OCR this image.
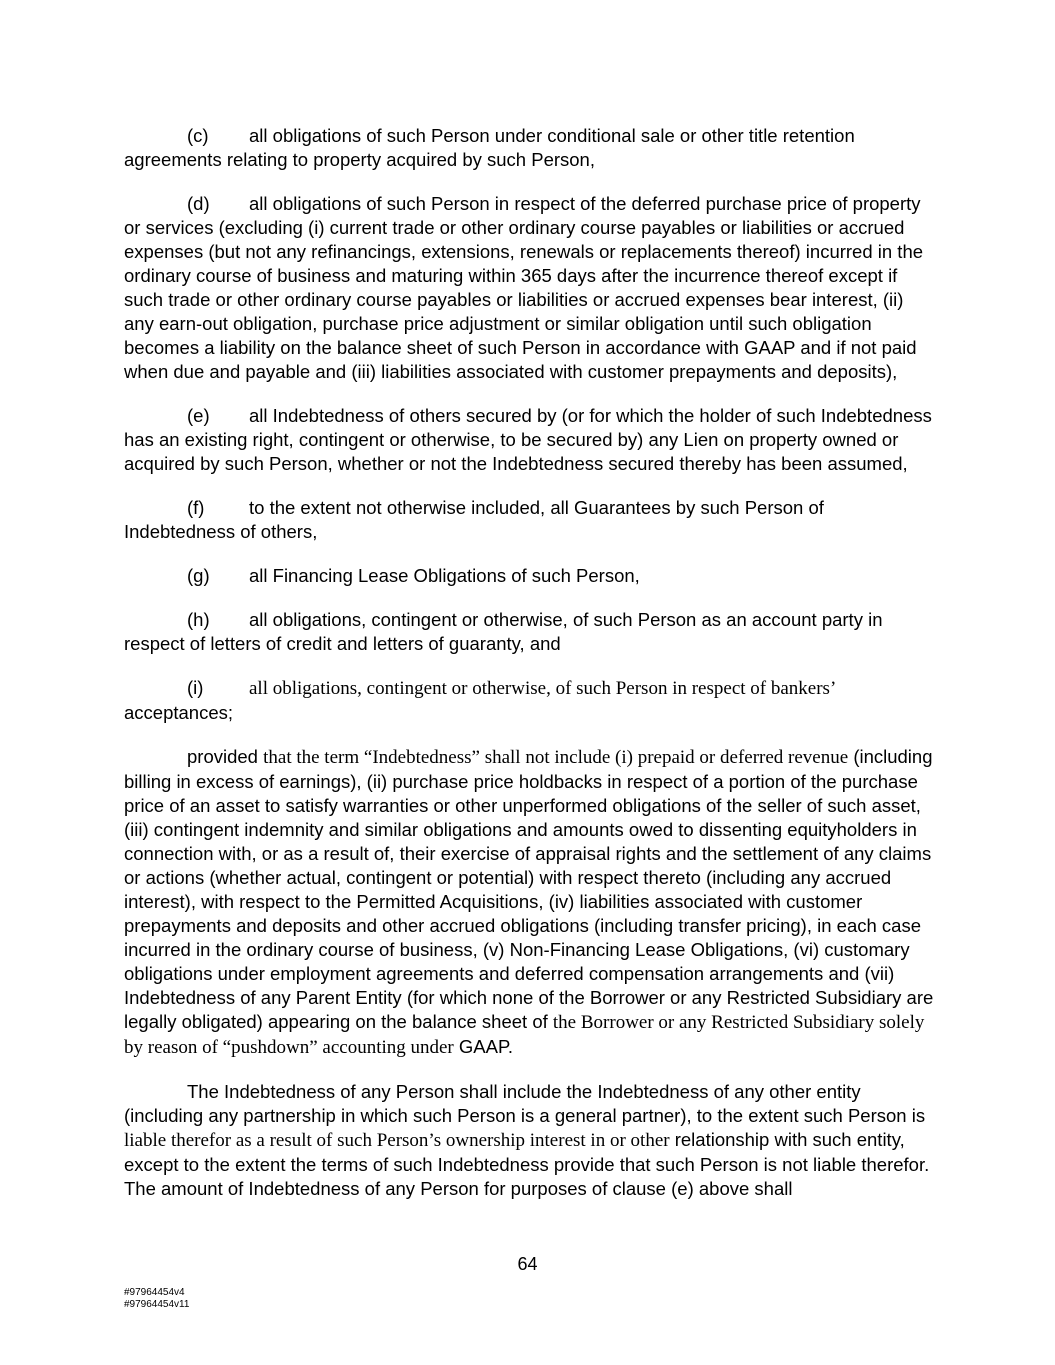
(c) all obligations of such Person under conditional sale or other title retention agreements relating to property acquired by such Person,

(d) all obligations of such Person in respect of the deferred purchase price of property or services (excluding (i) current trade or other ordinary course payables or liabilities or accrued expenses (but not any refinancings, extensions, renewals or replacements thereof) incurred in the ordinary course of business and maturing within 365 days after the incurrence thereof except if such trade or other ordinary course payables or liabilities or accrued expenses bear interest, (ii) any earn-out obligation, purchase price adjustment or similar obligation until such obligation becomes a liability on the balance sheet of such Person in accordance with GAAP and if not paid when due and payable and (iii) liabilities associated with customer prepayments and deposits),

(e) all Indebtedness of others secured by (or for which the holder of such Indebtedness has an existing right, contingent or otherwise, to be secured by) any Lien on property owned or acquired by such Person, whether or not the Indebtedness secured thereby has been assumed,

(f) to the extent not otherwise included, all Guarantees by such Person of Indebtedness of others,

(g) all Financing Lease Obligations of such Person,

(h) all obligations, contingent or otherwise, of such Person as an account party in respect of letters of credit and letters of guaranty, and

(i) all obligations, contingent or otherwise, of such Person in respect of bankers’ acceptances;

provided that the term “Indebtedness” shall not include (i) prepaid or deferred revenue (including billing in excess of earnings), (ii) purchase price holdbacks in respect of a portion of the purchase price of an asset to satisfy warranties or other unperformed obligations of the seller of such asset, (iii) contingent indemnity and similar obligations and amounts owed to dissenting equityholders in connection with, or as a result of, their exercise of appraisal rights and the settlement of any claims or actions (whether actual, contingent or potential) with respect thereto (including any accrued interest), with respect to the Permitted Acquisitions, (iv) liabilities associated with customer prepayments and deposits and other accrued obligations (including transfer pricing), in each case incurred in the ordinary course of business, (v) Non-Financing Lease Obligations, (vi) customary obligations under employment agreements and deferred compensation arrangements and (vii) Indebtedness of any Parent Entity (for which none of the Borrower or any Restricted Subsidiary are legally obligated) appearing on the balance sheet of the Borrower or any Restricted Subsidiary solely by reason of “pushdown” accounting under GAAP.

The Indebtedness of any Person shall include the Indebtedness of any other entity (including any partnership in which such Person is a general partner), to the extent such Person is liable therefor as a result of such Person’s ownership interest in or other relationship with such entity, except to the extent the terms of such Indebtedness provide that such Person is not liable therefor. The amount of Indebtedness of any Person for purposes of clause (e) above shall

64
#97964454v4
#97964454v11
